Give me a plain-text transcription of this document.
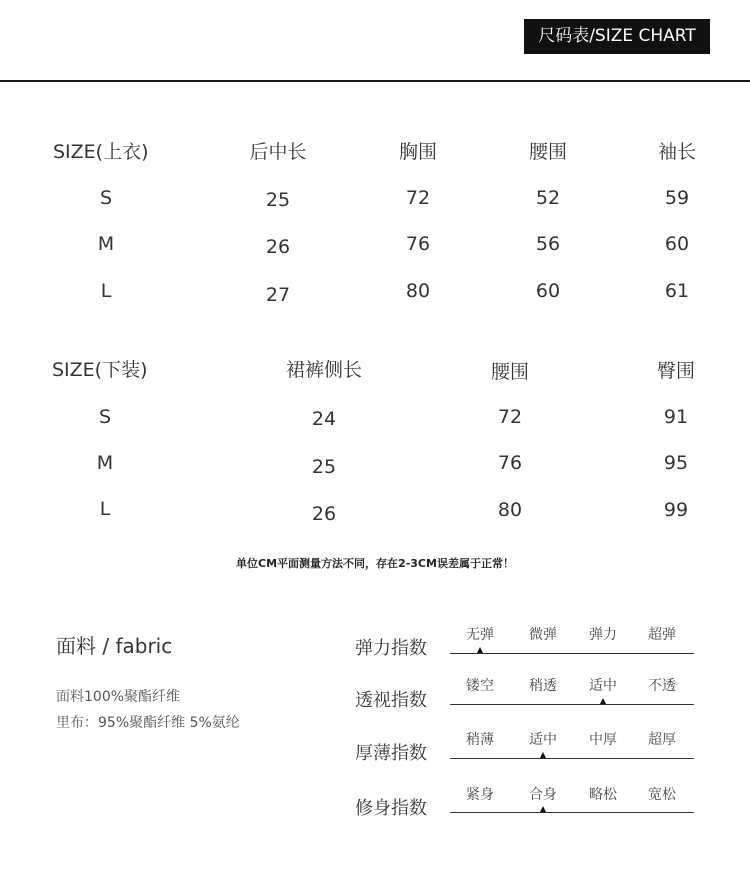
尺码表/SIZE CHART
SIZE(上衣)	后中长	胸围	腰围	袖长
S	25	72	52	59
M	26	76	56	60
L	27	80	60	61
SIZE(下装)	裙裤侧长	腰围	臀围
S	24	72	91
M	25	76	95
L	26	80	99
单位CM平面测量方法不同，存在2-3CM误差属于正常！
面料 / fabric
面料100%聚酯纤维
里布：95%聚酯纤维 5%氨纶
弹力指数
无弹	微弹 弹力 超弹
透视指数
镂空	稍透 适中 不透
厚薄指数
稍薄	适中 中厚 超厚
修身指数
紧身	合身 略松 宽松
